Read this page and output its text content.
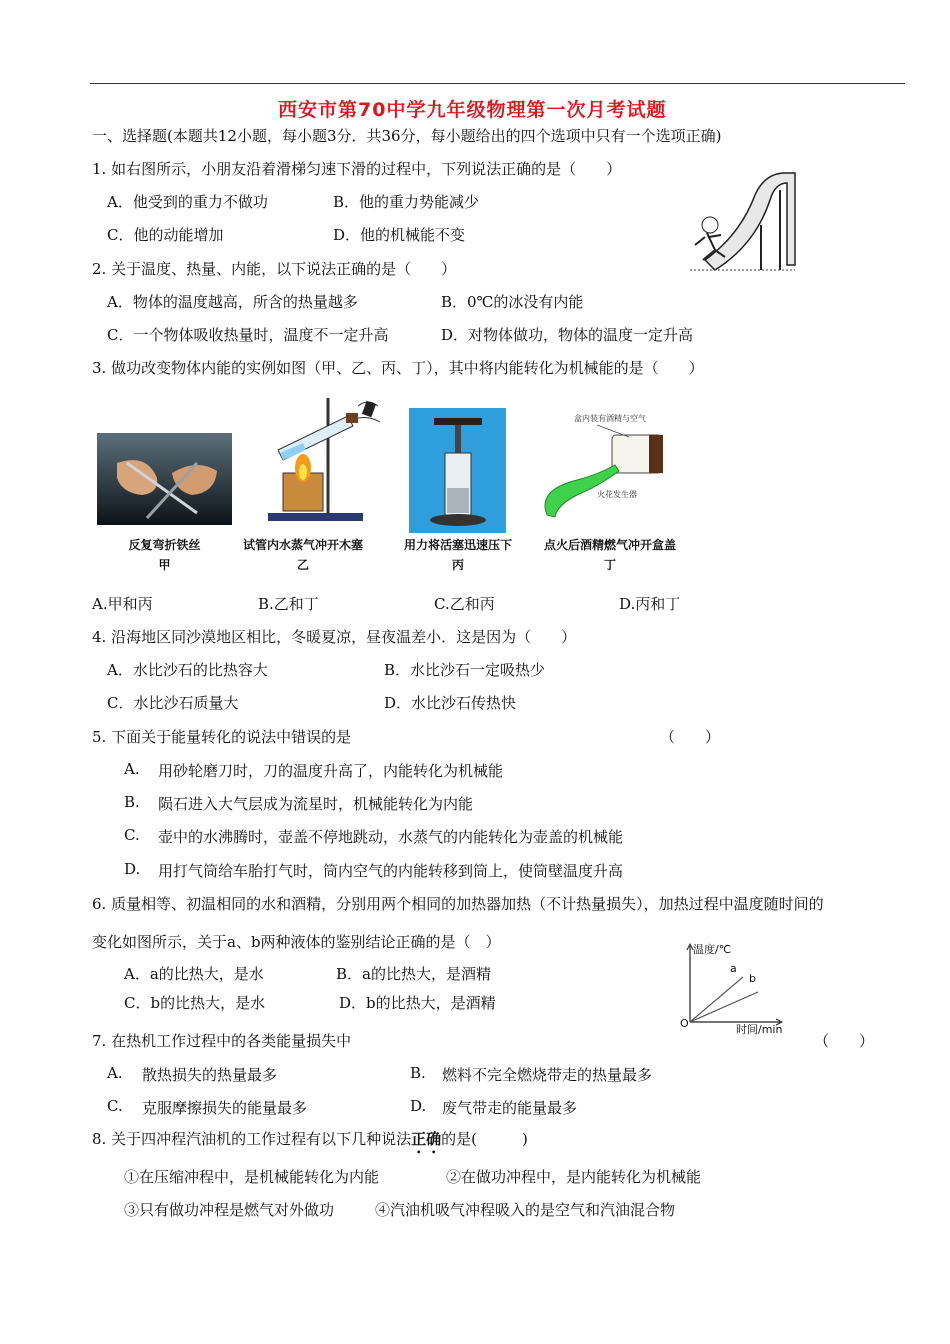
西安市第70中学九年级物理第一次月考试题
一、选择题(本题共12小题，每小题3分．共36分，每小题给出的四个选项中只有一个选项正确)
1. 如右图所示，小朋友沿着滑梯匀速下滑的过程中，下列说法正确的是（　　）
A．他受到的重力不做功	B．他的重力势能减少
C．他的动能增加	D．他的机械能不变
2. 关于温度、热量、内能，以下说法正确的是（　　）
A．物体的温度越高，所含的热量越多	B．0℃的冰没有内能
C．一个物体吸收热量时，温度不一定升高	D．对物体做功，物体的温度一定升高
3. 做功改变物体内能的实例如图（甲、乙、丙、丁），其中将内能转化为机械能的是（　　）
反复弯折铁丝
甲
试管内水蒸气冲开木塞
乙
用力将活塞迅速压下
丙
盒内装有酒精与空气
火花发生器
点火后酒精燃气冲开盒盖
丁
A.甲和丙	B.乙和丁	C.乙和丙	D.丙和丁
4. 沿海地区同沙漠地区相比，冬暖夏凉，昼夜温差小．这是因为（　　）
A．水比沙石的比热容大	B．水比沙石一定吸热少
C．水比沙石质量大	D．水比沙石传热快
5. 下面关于能量转化的说法中错误的是	（　　）
A. 用砂轮磨刀时，刀的温度升高了，内能转化为机械能
B. 陨石进入大气层成为流星时，机械能转化为内能
C. 壶中的水沸腾时，壶盖不停地跳动，水蒸气的内能转化为壶盖的机械能
D. 用打气筒给车胎打气时，筒内空气的内能转移到筒上，使筒壁温度升高
6. 质量相等、初温相同的水和酒精，分别用两个相同的加热器加热（不计热量损失），加热过程中温度随时间的
变化如图所示，关于a、b两种液体的鉴别结论正确的是（　）
A．a的比热大，是水	B．a的比热大，是酒精
C．b的比热大，是水	D．b的比热大，是酒精
温度/℃
时间/min
O
a
b
7. 在热机工作过程中的各类能量损失中	（　　）
A. 散热损失的热量最多	B. 燃料不完全燃烧带走的热量最多
C. 克服摩擦损失的能量最多	D. 废气带走的能量最多
8. 关于四冲程汽油机的工作过程有以下几种说法正确的是(　　　)
①在压缩冲程中，是机械能转化为内能	②在做功冲程中，是内能转化为机械能
③只有做功冲程是燃气对外做功	④汽油机吸气冲程吸入的是空气和汽油混合物
